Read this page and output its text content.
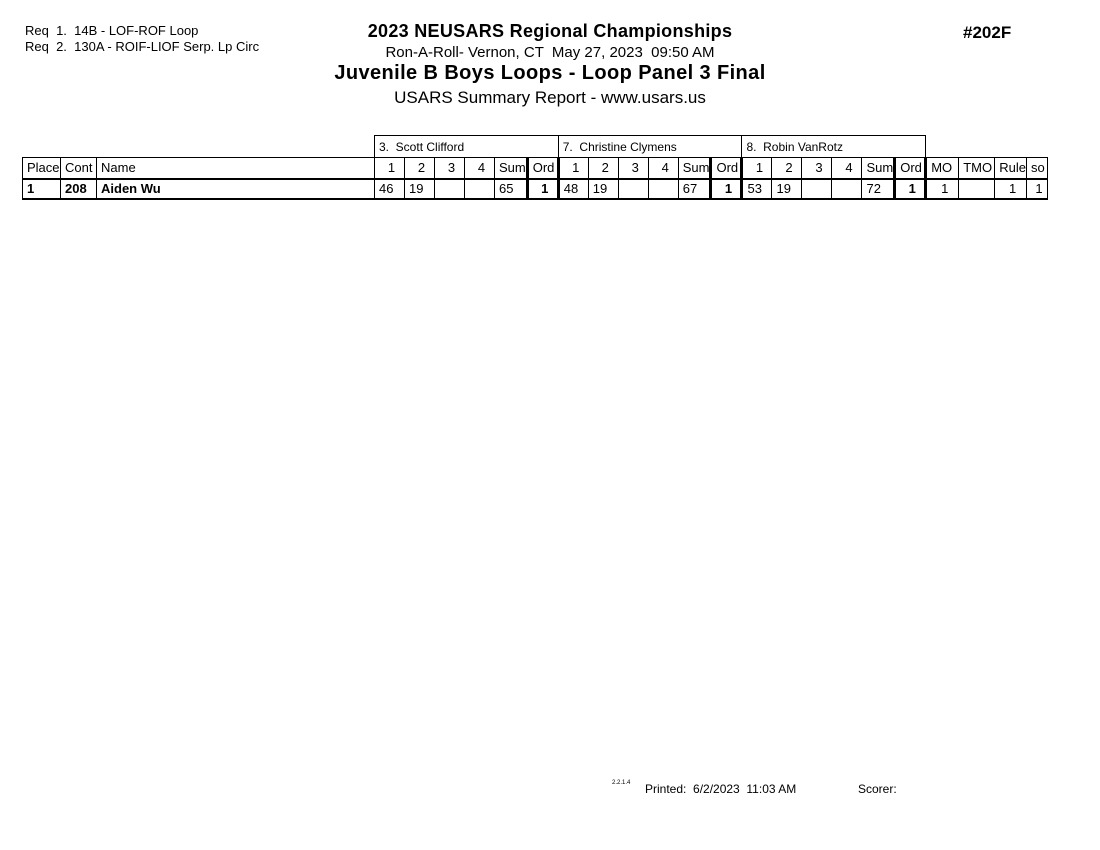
Req  1.  14B - LOF-ROF Loop
Req  2.  130A - ROIF-LIOF Serp. Lp Circ
2023 NEUSARS Regional Championships
Ron-A-Roll- Vernon, CT  May 27, 2023  09:50 AM
Juvenile B Boys Loops - Loop Panel 3 Final
USARS Summary Report - www.usars.us
#202F
			3.  Scott Clifford						7.  Christine Clymens						8.  Robin VanRotz									
Place	Cont	Name	1	2	3	4	Sum	Ord	1	2	3	4	Sum	Ord	1	2	3	4	Sum	Ord	MO	TMO	Rule	so
1	208	Aiden Wu	46	19			65	1	48	19			67	1	53	19			72	1	1		1	1
2.2.1.4 Printed:  6/2/2023  11:03 AM	Scorer:
